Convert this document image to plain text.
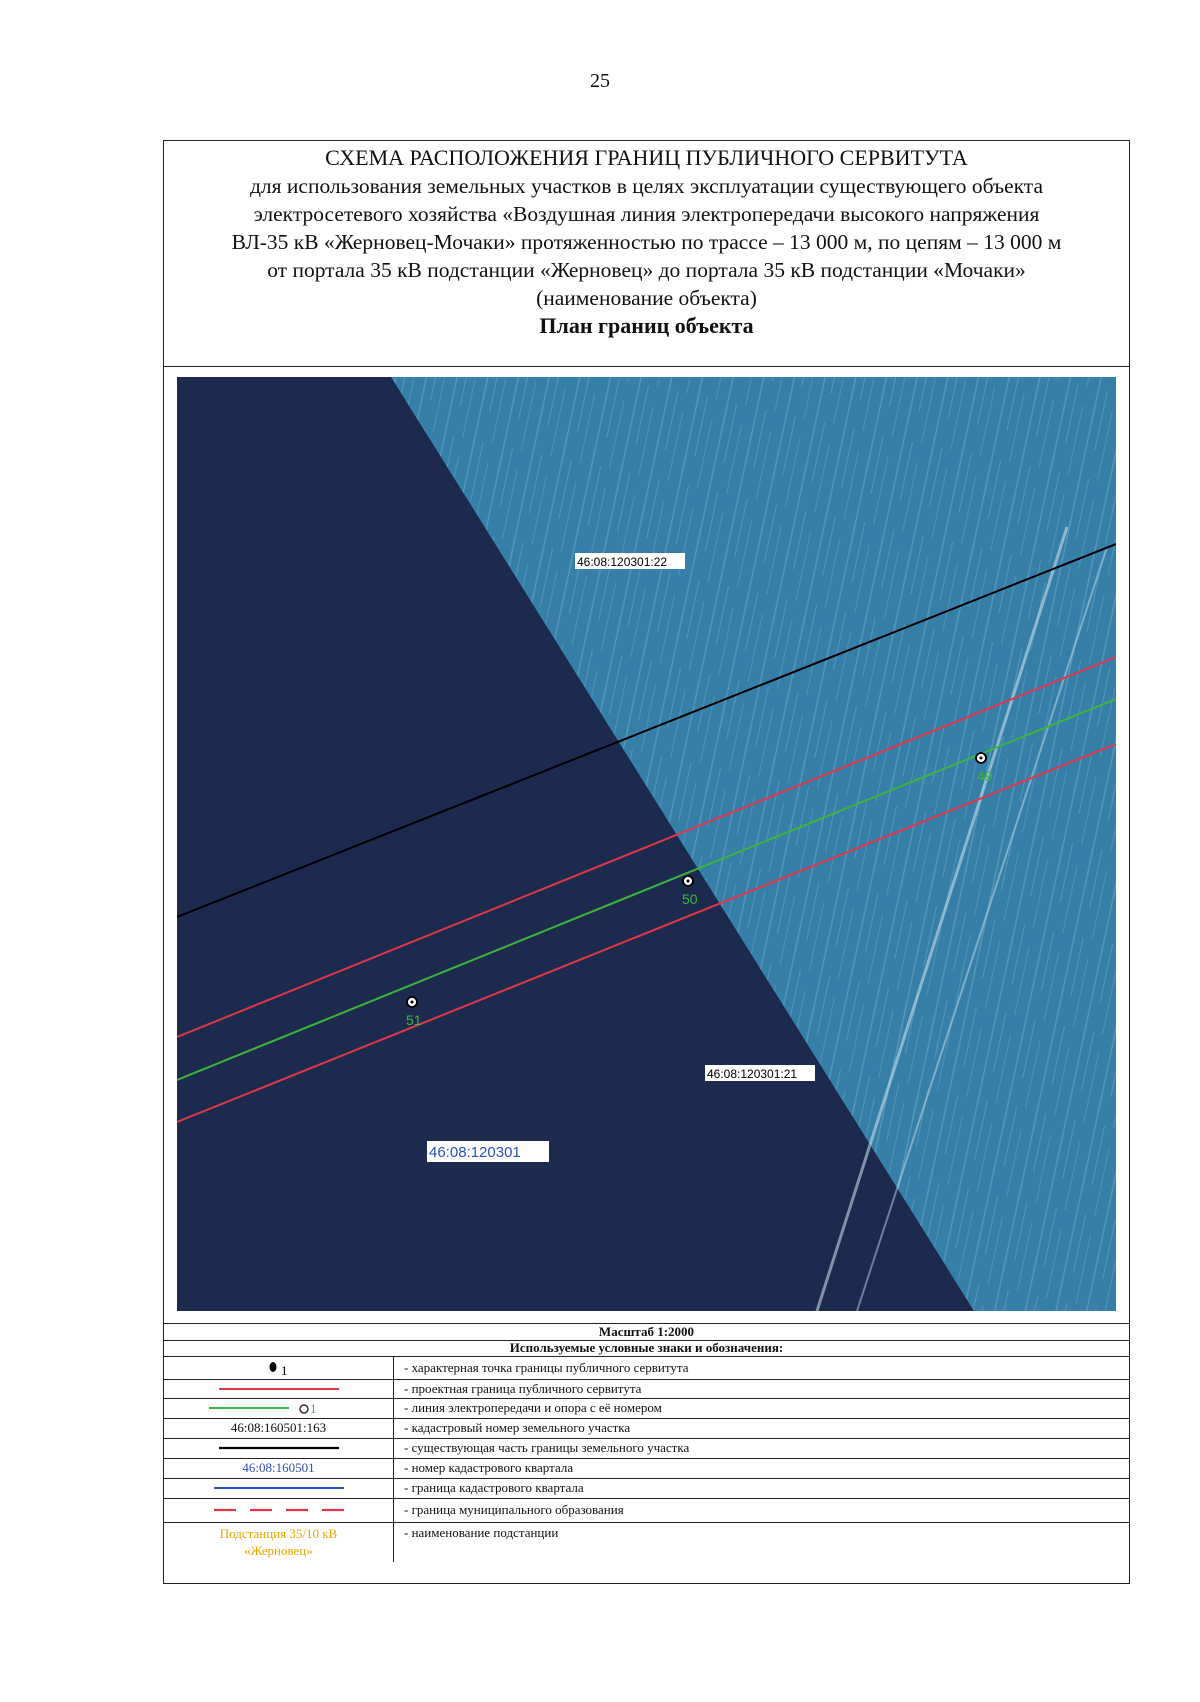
25
СХЕМА РАСПОЛОЖЕНИЯ ГРАНИЦ ПУБЛИЧНОГО СЕРВИТУТА
для использования земельных участков в целях эксплуатации существующего объекта
электросетевого хозяйства «Воздушная линия электропередачи высокого напряжения
ВЛ-35 кВ «Жерновец-Мочаки» протяженностью по трассе – 13 000 м, по цепям – 13 000 м
от портала 35 кВ подстанции «Жерновец» до портала 35 кВ подстанции «Мочаки»
(наименование объекта)
План границ объекта
49
50
51
46:08:120301:22
46:08:120301:21
46:08:120301
Масштаб 1:2000
Используемые условные знаки и обозначения:
1	- характерная точка границы публичного сервитута

	- проектная граница публичного сервитута

1	- линия электропередачи и опора с её номером
46:08:160501:163	- кадастровый номер земельного участка

	- существующая часть границы земельного участка
46:08:160501	- номер кадастрового квартала

	- граница кадастрового квартала

	- граница муниципального образования

Подстанция 35/10 кВ
«Жерновец»	- наименование подстанции
